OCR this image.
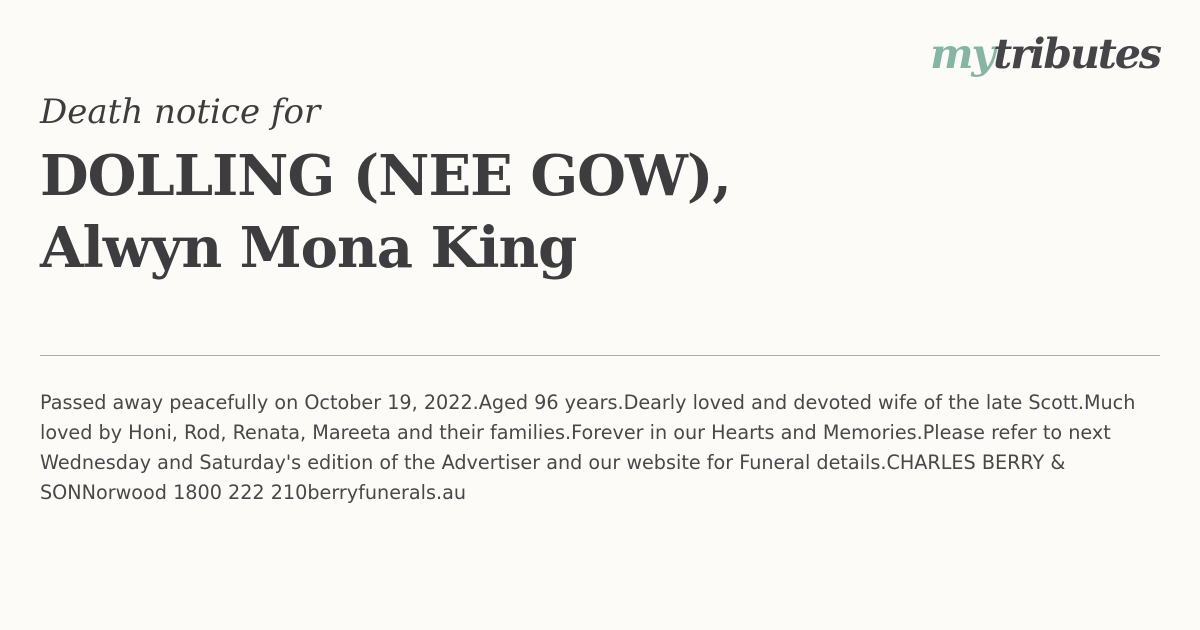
mytributes
Death notice for
DOLLING (NEE GOW),
Alwyn Mona King
Passed away peacefully on October 19, 2022.Aged 96 years.Dearly loved and devoted wife of the late Scott.Much loved by Honi, Rod, Renata, Mareeta and their families.Forever in our Hearts and Memories.Please refer to next Wednesday and Saturday's edition of the Advertiser and our website for Funeral details.CHARLES BERRY & SONNorwood 1800 222 210berryfunerals.au
